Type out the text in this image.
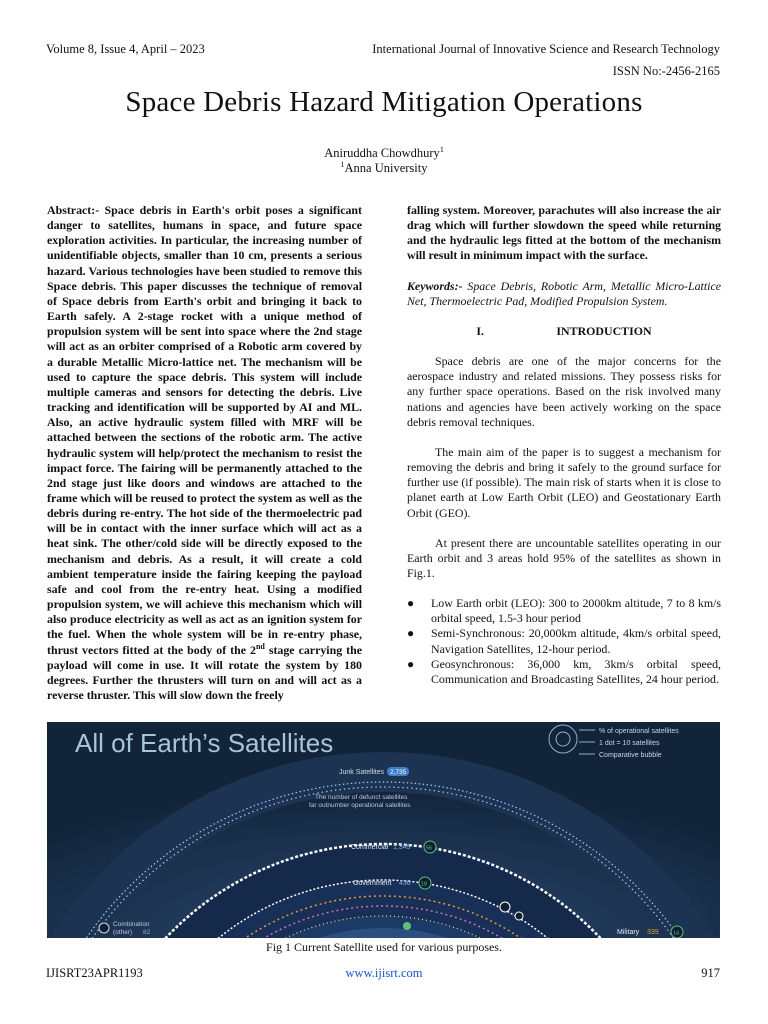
Volume 8, Issue 4, April – 2023	International Journal of Innovative Science and Research Technology
ISSN No:-2456-2165
Space Debris Hazard Mitigation Operations
Aniruddha Chowdhury$^1$
$^1$Anna University

Abstract:- Space debris in Earth's orbit poses a significant danger to satellites, humans in space, and future space exploration activities. In particular, the increasing number of unidentifiable objects, smaller than 10 cm, presents a serious hazard. Various technologies have been studied to remove this Space debris. This paper discusses the technique of removal of Space debris from Earth's orbit and bringing it back to Earth safely. A 2-stage rocket with a unique method of propulsion system will be sent into space where the 2nd stage will act as an orbiter comprised of a Robotic arm covered by a durable Metallic Micro-lattice net. The mechanism will be used to capture the space debris. This system will include multiple cameras and sensors for detecting the debris. Live tracking and identification will be supported by AI and ML. Also, an active hydraulic system filled with MRF will be attached between the sections of the robotic arm. The active hydraulic system will help/protect the mechanism to resist the impact force. The fairing will be permanently attached to the 2nd stage just like doors and windows are attached to the frame which will be reused to protect the system as well as the debris during re-entry. The hot side of the thermoelectric pad will be in contact with the inner surface which will act as a heat sink. The other/cold side will be directly exposed to the mechanism and debris. As a result, it will create a cold ambient temperature inside the fairing keeping the payload safe and cool from the re-entry heat. Using a modified propulsion system, we will achieve this mechanism which will also produce electricity as well as act as an ignition system for the fuel. When the whole system will be in re-entry phase, thrust vectors fitted at the body of the 2nd stage carrying the payload will come in use. It will rotate the system by 180 degrees. Further the thrusters will turn on and will act as a reverse thruster. This will slow down the freely

falling system. Moreover, parachutes will also increase the air drag which will further slowdown the speed while returning and the hydraulic legs fitted at the bottom of the mechanism will result in minimum impact with the surface.

Keywords:- Space Debris, Robotic Arm, Metallic Micro-Lattice Net, Thermoelectric Pad, Modified Propulsion System.

I.	INTRODUCTION

Space debris are one of the major concerns for the aerospace industry and related missions. They possess risks for any further space operations. Based on the risk involved many nations and agencies have been actively working on the space debris removal techniques.

The main aim of the paper is to suggest a mechanism for removing the debris and bring it safely to the ground surface for further use (if possible). The main risk of starts when it is close to planet earth at Low Earth Orbit (LEO) and Geostationary Earth Orbit (GEO).

At present there are uncountable satellites operating in our Earth orbit and 3 areas hold 95% of the satellites as shown in Fig.1.

● Low Earth orbit (LEO): 300 to 2000km altitude, 7 to 8 km/s orbital speed, 1.5-3 hour period
● Semi-Synchronous: 20,000km altitude, 4km/s orbital speed, Navigation Satellites, 12-hour period.
● Geosynchronous: 36,000 km, 3km/s orbital speed, Communication and Broadcasting Satellites, 24 hour period.
All of Earth’s Satellites	% of operational satellites
1 dot = 10 satellites
Comparative bubble
Junk Satellites 2,735
The number of defunct satellites
far outnumber operational satellites
Commercial 1,349	56
Government 436 18
Combination
(other) 82	Military 339	14
Fig 1 Current Satellite used for various purposes.
IJISRT23APR1193	www.ijisrt.com	917
